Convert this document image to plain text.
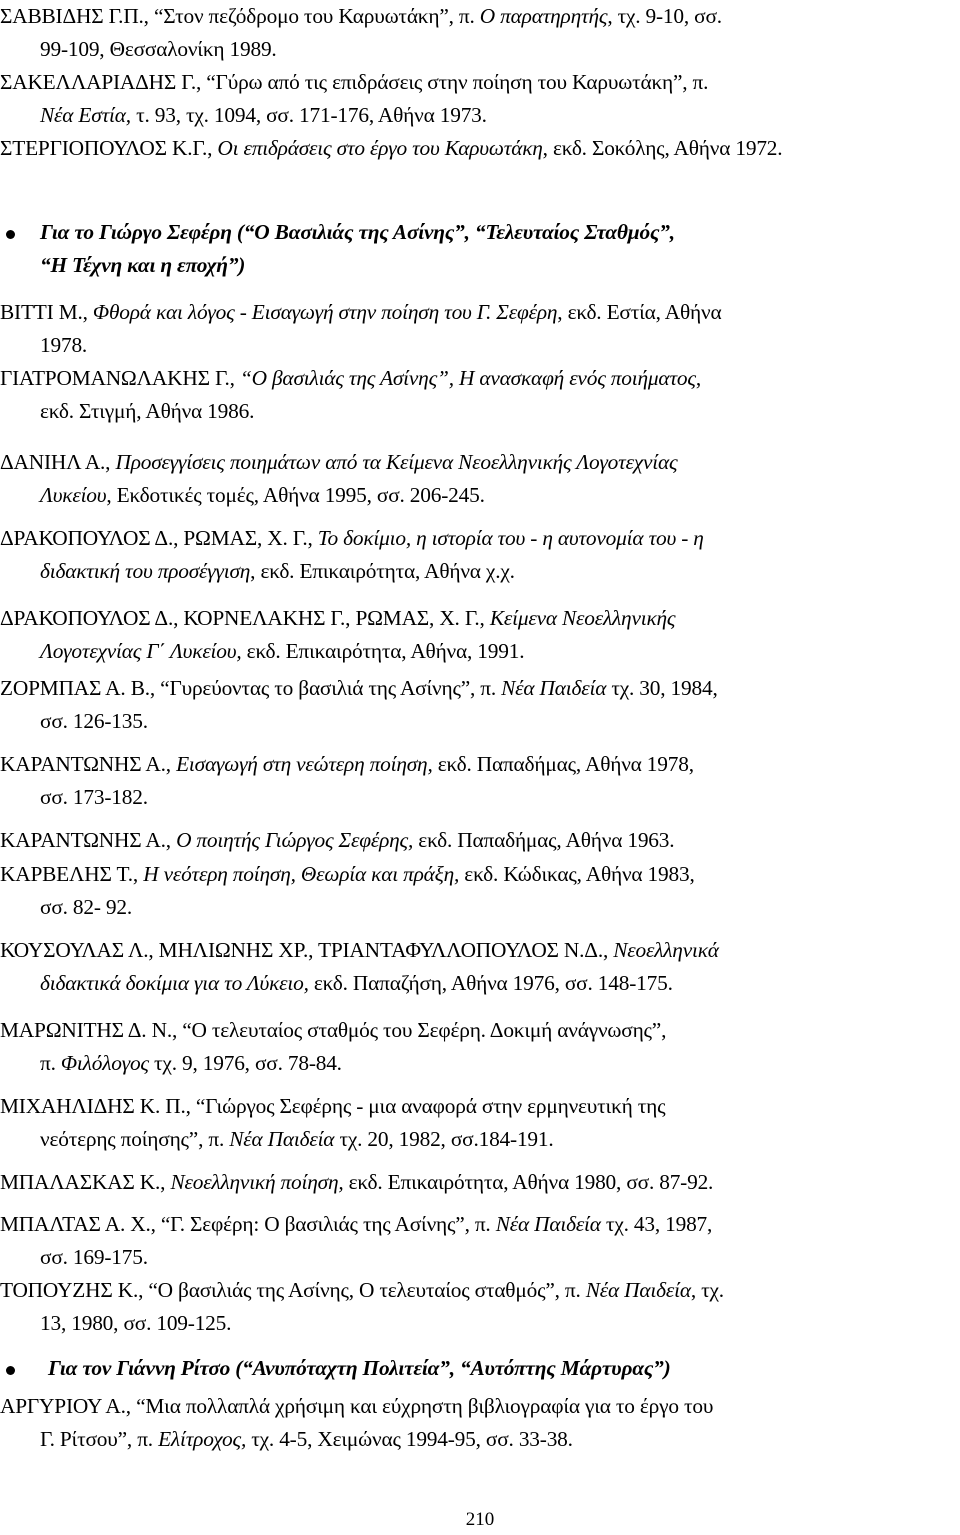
ΣΑΒΒΙΔΗΣ Γ.Π., “Στον πεζόδρομο του Καρυωτάκη”, π. Ο παρατηρητής, τχ. 9-10, σσ.
99-109, Θεσσαλονίκη 1989.
ΣΑΚΕΛΛΑΡΙΑΔΗΣ Γ., “Γύρω από τις επιδράσεις στην ποίηση του Καρυωτάκη”, π.
Νέα Εστία, τ. 93, τχ. 1094, σσ. 171-176, Αθήνα 1973.
ΣΤΕΡΓΙΟΠΟΥΛΟΣ Κ.Γ., Οι επιδράσεις στο έργο του Καρυωτάκη, εκδ. Σοκόλης, Αθήνα 1972.
Για το Γιώργο Σεφέρη (“Ο Βασιλιάς της Ασίνης”, “Τελευταίος Σταθμός”,
“Η Τέχνη και η εποχή”)
ΒΙΤΤΙ Μ., Φθορά και λόγος - Εισαγωγή στην ποίηση του Γ. Σεφέρη, εκδ. Εστία, Αθήνα
1978.
ΓΙΑΤΡΟΜΑΝΩΛΑΚΗΣ Γ., “Ο βασιλιάς της Ασίνης”, Η ανασκαφή ενός ποιήματος,
εκδ. Στιγμή, Αθήνα 1986.
ΔΑΝΙΗΛ Α., Προσεγγίσεις ποιημάτων από τα Κείμενα Νεοελληνικής Λογοτεχνίας
Λυκείου, Εκδοτικές τομές, Αθήνα 1995, σσ. 206-245.
ΔΡΑΚΟΠΟΥΛΟΣ Δ., ΡΩΜΑΣ, Χ. Γ., Το δοκίμιο, η ιστορία του - η αυτονομία του - η
διδακτική του προσέγγιση, εκδ. Επικαιρότητα, Αθήνα χ.χ.
ΔΡΑΚΟΠΟΥΛΟΣ Δ., ΚΟΡΝΕΛΑΚΗΣ Γ., ΡΩΜΑΣ, Χ. Γ., Κείμενα Νεοελληνικής
Λογοτεχνίας Γ΄ Λυκείου, εκδ. Επικαιρότητα, Αθήνα, 1991.
ΖΟΡΜΠΑΣ Α. Β., “Γυρεύοντας το βασιλιά της Ασίνης”, π. Νέα Παιδεία τχ. 30, 1984,
σσ. 126-135.
ΚΑΡΑΝΤΩΝΗΣ Α., Εισαγωγή στη νεώτερη ποίηση, εκδ. Παπαδήμας, Αθήνα 1978,
σσ. 173-182.
ΚΑΡΑΝΤΩΝΗΣ Α., Ο ποιητής Γιώργος Σεφέρης, εκδ. Παπαδήμας, Αθήνα 1963.
ΚΑΡΒΕΛΗΣ Τ., Η νεότερη ποίηση, Θεωρία και πράξη, εκδ. Κώδικας, Αθήνα 1983,
σσ. 82- 92.
ΚΟΥΣΟΥΛΑΣ Λ., ΜΗΛΙΩΝΗΣ ΧΡ., ΤΡΙΑΝΤΑΦΥΛΛΟΠΟΥΛΟΣ Ν.Δ., Νεοελληνικά
διδακτικά δοκίμια για το Λύκειο, εκδ. Παπαζήση, Αθήνα 1976, σσ. 148-175.
ΜΑΡΩΝΙΤΗΣ Δ. Ν., “Ο τελευταίος σταθμός του Σεφέρη. Δοκιμή ανάγνωσης”,
π. Φιλόλογος τχ. 9, 1976, σσ. 78-84.
ΜΙΧΑΗΛΙΔΗΣ Κ. Π., “Γιώργος Σεφέρης - μια αναφορά στην ερμηνευτική της
νεότερης ποίησης”, π. Νέα Παιδεία τχ. 20, 1982, σσ.184-191.
ΜΠΑΛΑΣΚΑΣ Κ., Νεοελληνική ποίηση, εκδ. Επικαιρότητα, Αθήνα 1980, σσ. 87-92.
ΜΠΑΛΤΑΣ Α. Χ., “Γ. Σεφέρη: Ο βασιλιάς της Ασίνης”, π. Νέα Παιδεία τχ. 43, 1987,
σσ. 169-175.
ΤΟΠΟΥΖΗΣ Κ., “Ο βασιλιάς της Ασίνης, Ο τελευταίος σταθμός”, π. Νέα Παιδεία, τχ.
13, 1980, σσ. 109-125.
Για τον Γιάννη Ρίτσο (“Ανυπόταχτη Πολιτεία”, “Αυτόπτης Μάρτυρας”)
ΑΡΓΥΡΙΟΥ Α., “Μια πολλαπλά χρήσιμη και εύχρηστη βιβλιογραφία για το έργο του
Γ. Ρίτσου”, π. Ελίτροχος, τχ. 4-5, Χειμώνας 1994-95, σσ. 33-38.
210
